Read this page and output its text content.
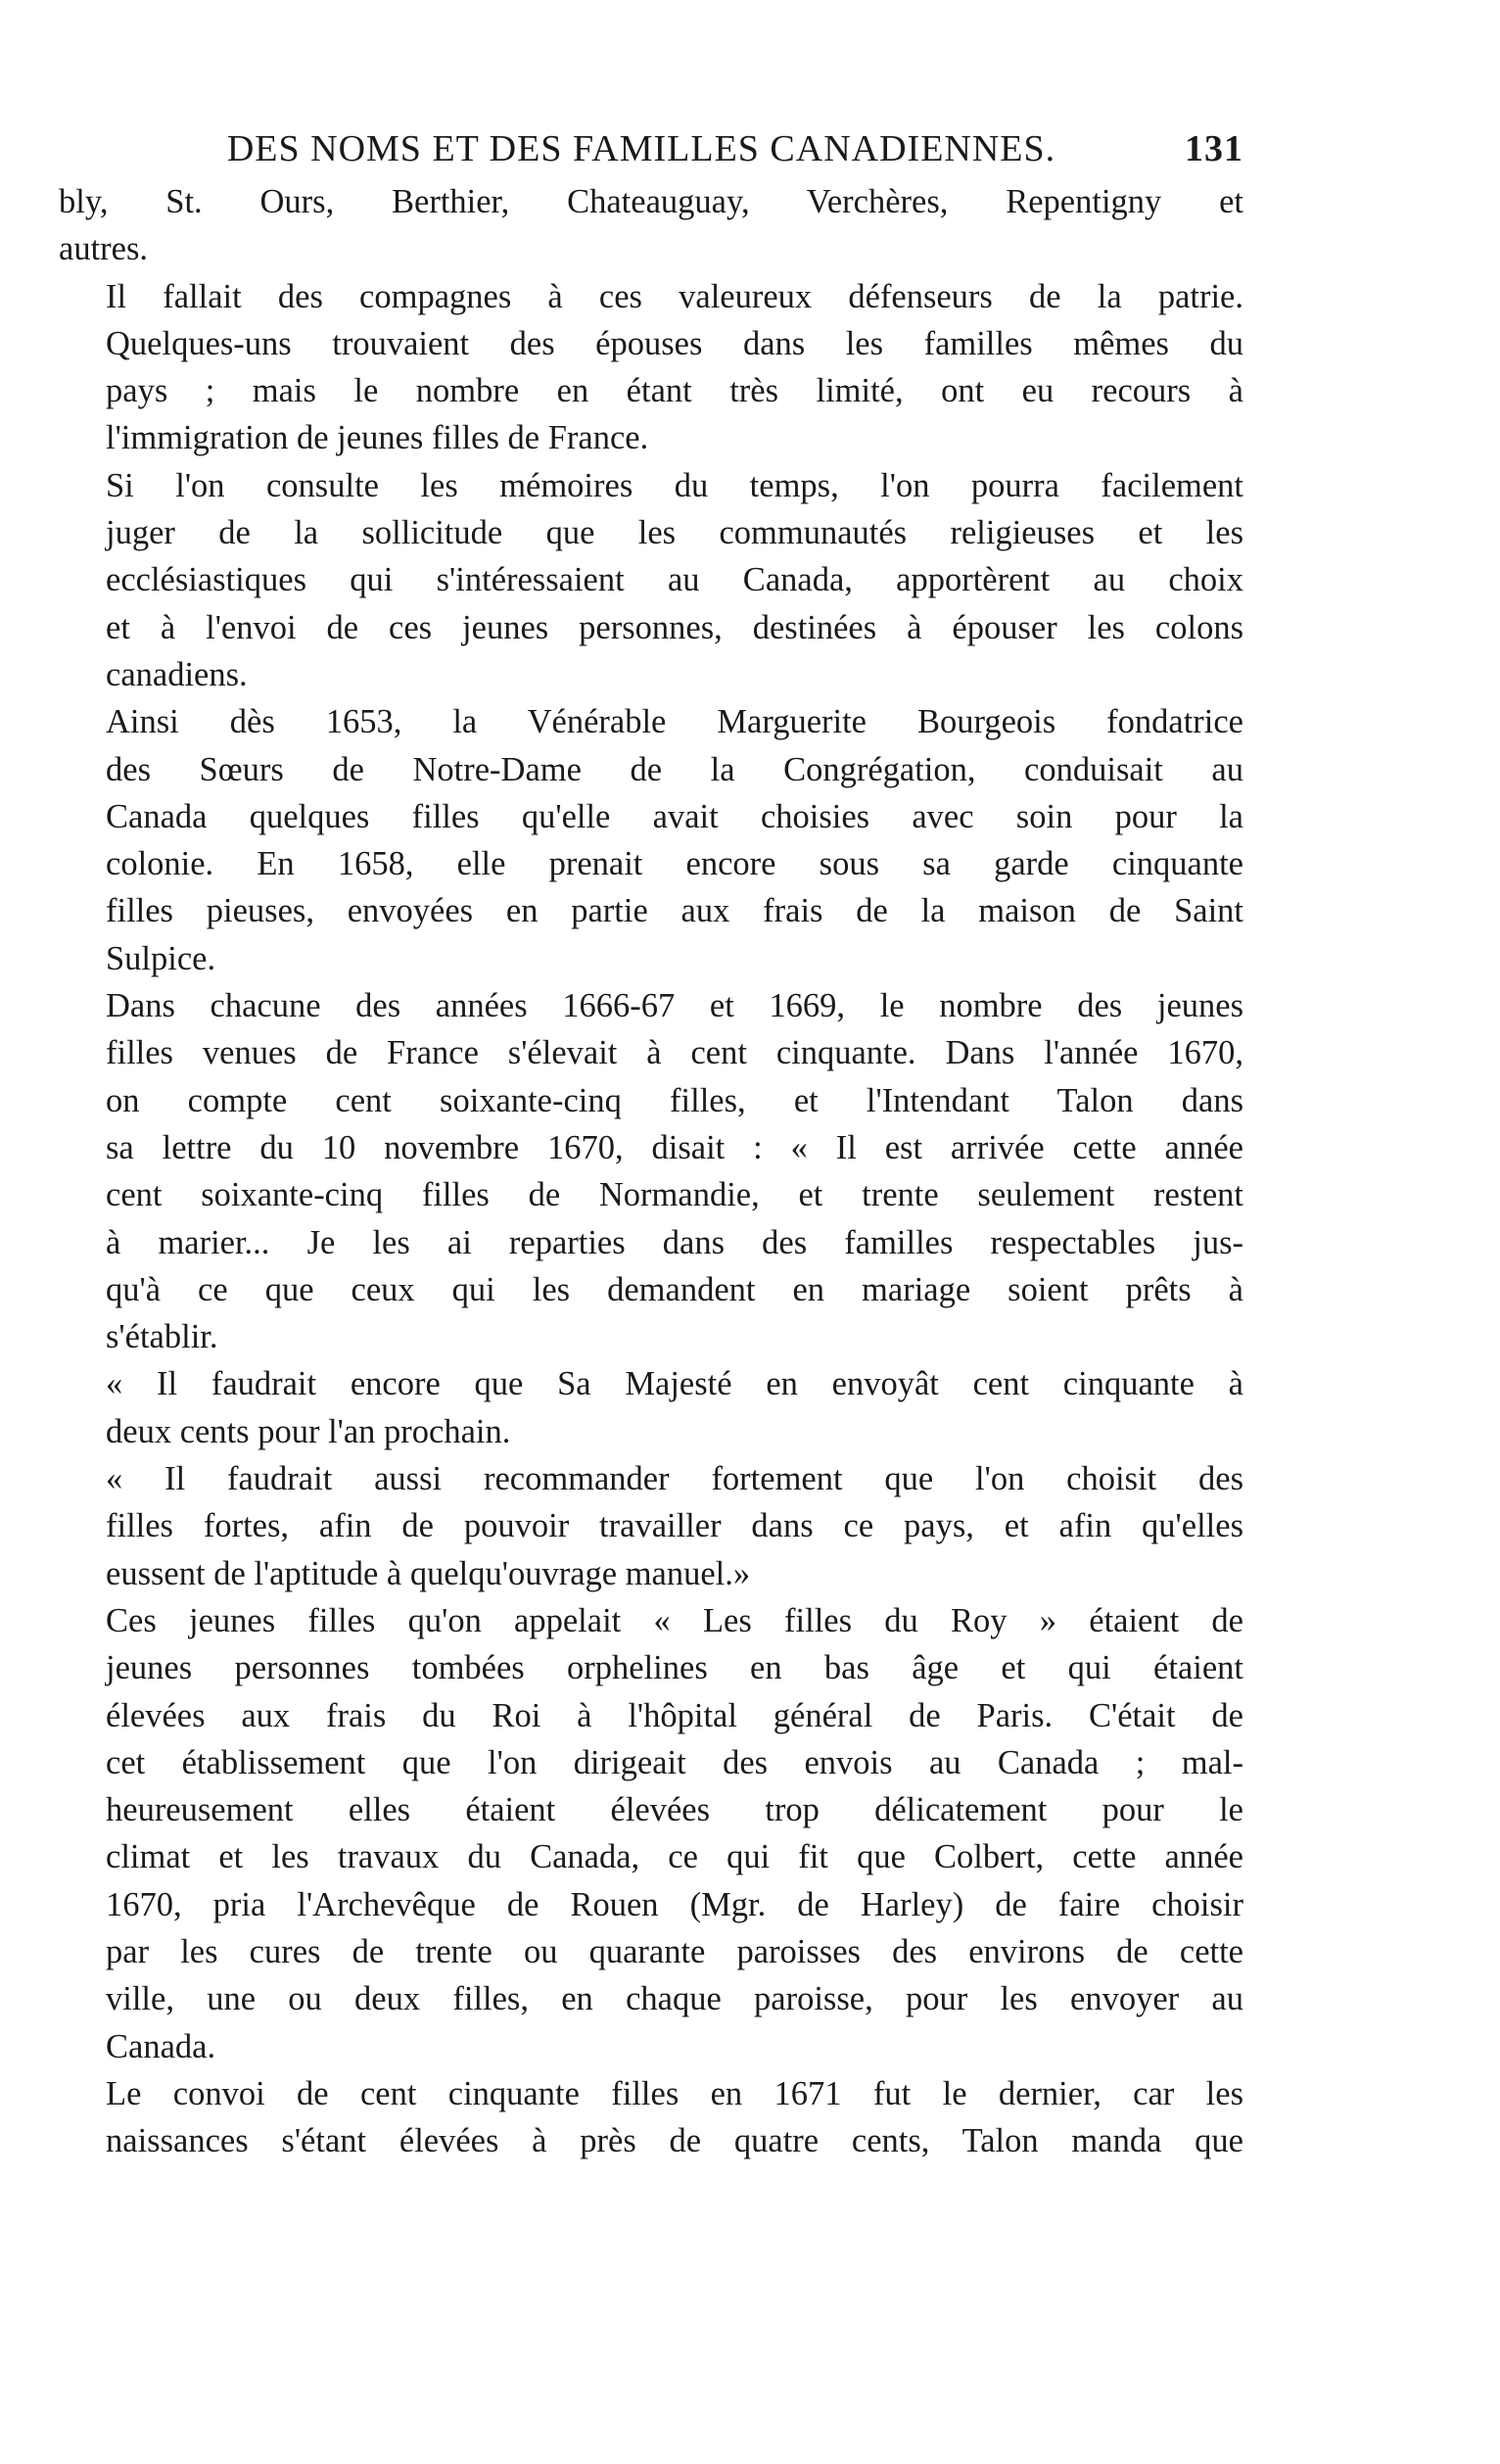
DES NOMS ET DES FAMILLES CANADIENNES.	131

bly, St. Ours, Berthier, Chateauguay, Verchères, Repentigny et
autres.

Il fallait des compagnes à ces valeureux défenseurs de la patrie.
Quelques-uns trouvaient des épouses dans les familles mêmes du
pays ; mais le nombre en étant très limité, ont eu recours à
l'immigration de jeunes filles de France.

Si l'on consulte les mémoires du temps, l'on pourra facilement
juger de la sollicitude que les communautés religieuses et les
ecclésiastiques qui s'intéressaient au Canada, apportèrent au choix
et à l'envoi de ces jeunes personnes, destinées à épouser les colons
canadiens.

Ainsi dès 1653, la Vénérable Marguerite Bourgeois fondatrice
des Sœurs de Notre-Dame de la Congrégation, conduisait au
Canada quelques filles qu'elle avait choisies avec soin pour la
colonie. En 1658, elle prenait encore sous sa garde cinquante
filles pieuses, envoyées en partie aux frais de la maison de Saint
Sulpice.

Dans chacune des années 1666-67 et 1669, le nombre des jeunes
filles venues de France s'élevait à cent cinquante. Dans l'année 1670,
on compte cent soixante-cinq filles, et l'Intendant Talon dans
sa lettre du 10 novembre 1670, disait : « Il est arrivée cette année
cent soixante-cinq filles de Normandie, et trente seulement restent
à marier... Je les ai reparties dans des familles respectables jus-
qu'à ce que ceux qui les demandent en mariage soient prêts à
s'établir.

« Il faudrait encore que Sa Majesté en envoyât cent cinquante à
deux cents pour l'an prochain.

« Il faudrait aussi recommander fortement que l'on choisit des
filles fortes, afin de pouvoir travailler dans ce pays, et afin qu'elles
eussent de l'aptitude à quelqu'ouvrage manuel.»

Ces jeunes filles qu'on appelait « Les filles du Roy » étaient de
jeunes personnes tombées orphelines en bas âge et qui étaient
élevées aux frais du Roi à l'hôpital général de Paris. C'était de
cet établissement que l'on dirigeait des envois au Canada ; mal-
heureusement elles étaient élevées trop délicatement pour le
climat et les travaux du Canada, ce qui fit que Colbert, cette année
1670, pria l'Archevêque de Rouen (Mgr. de Harley) de faire choisir
par les cures de trente ou quarante paroisses des environs de cette
ville, une ou deux filles, en chaque paroisse, pour les envoyer au
Canada.

Le convoi de cent cinquante filles en 1671 fut le dernier, car les
naissances s'étant élevées à près de quatre cents, Talon manda que
